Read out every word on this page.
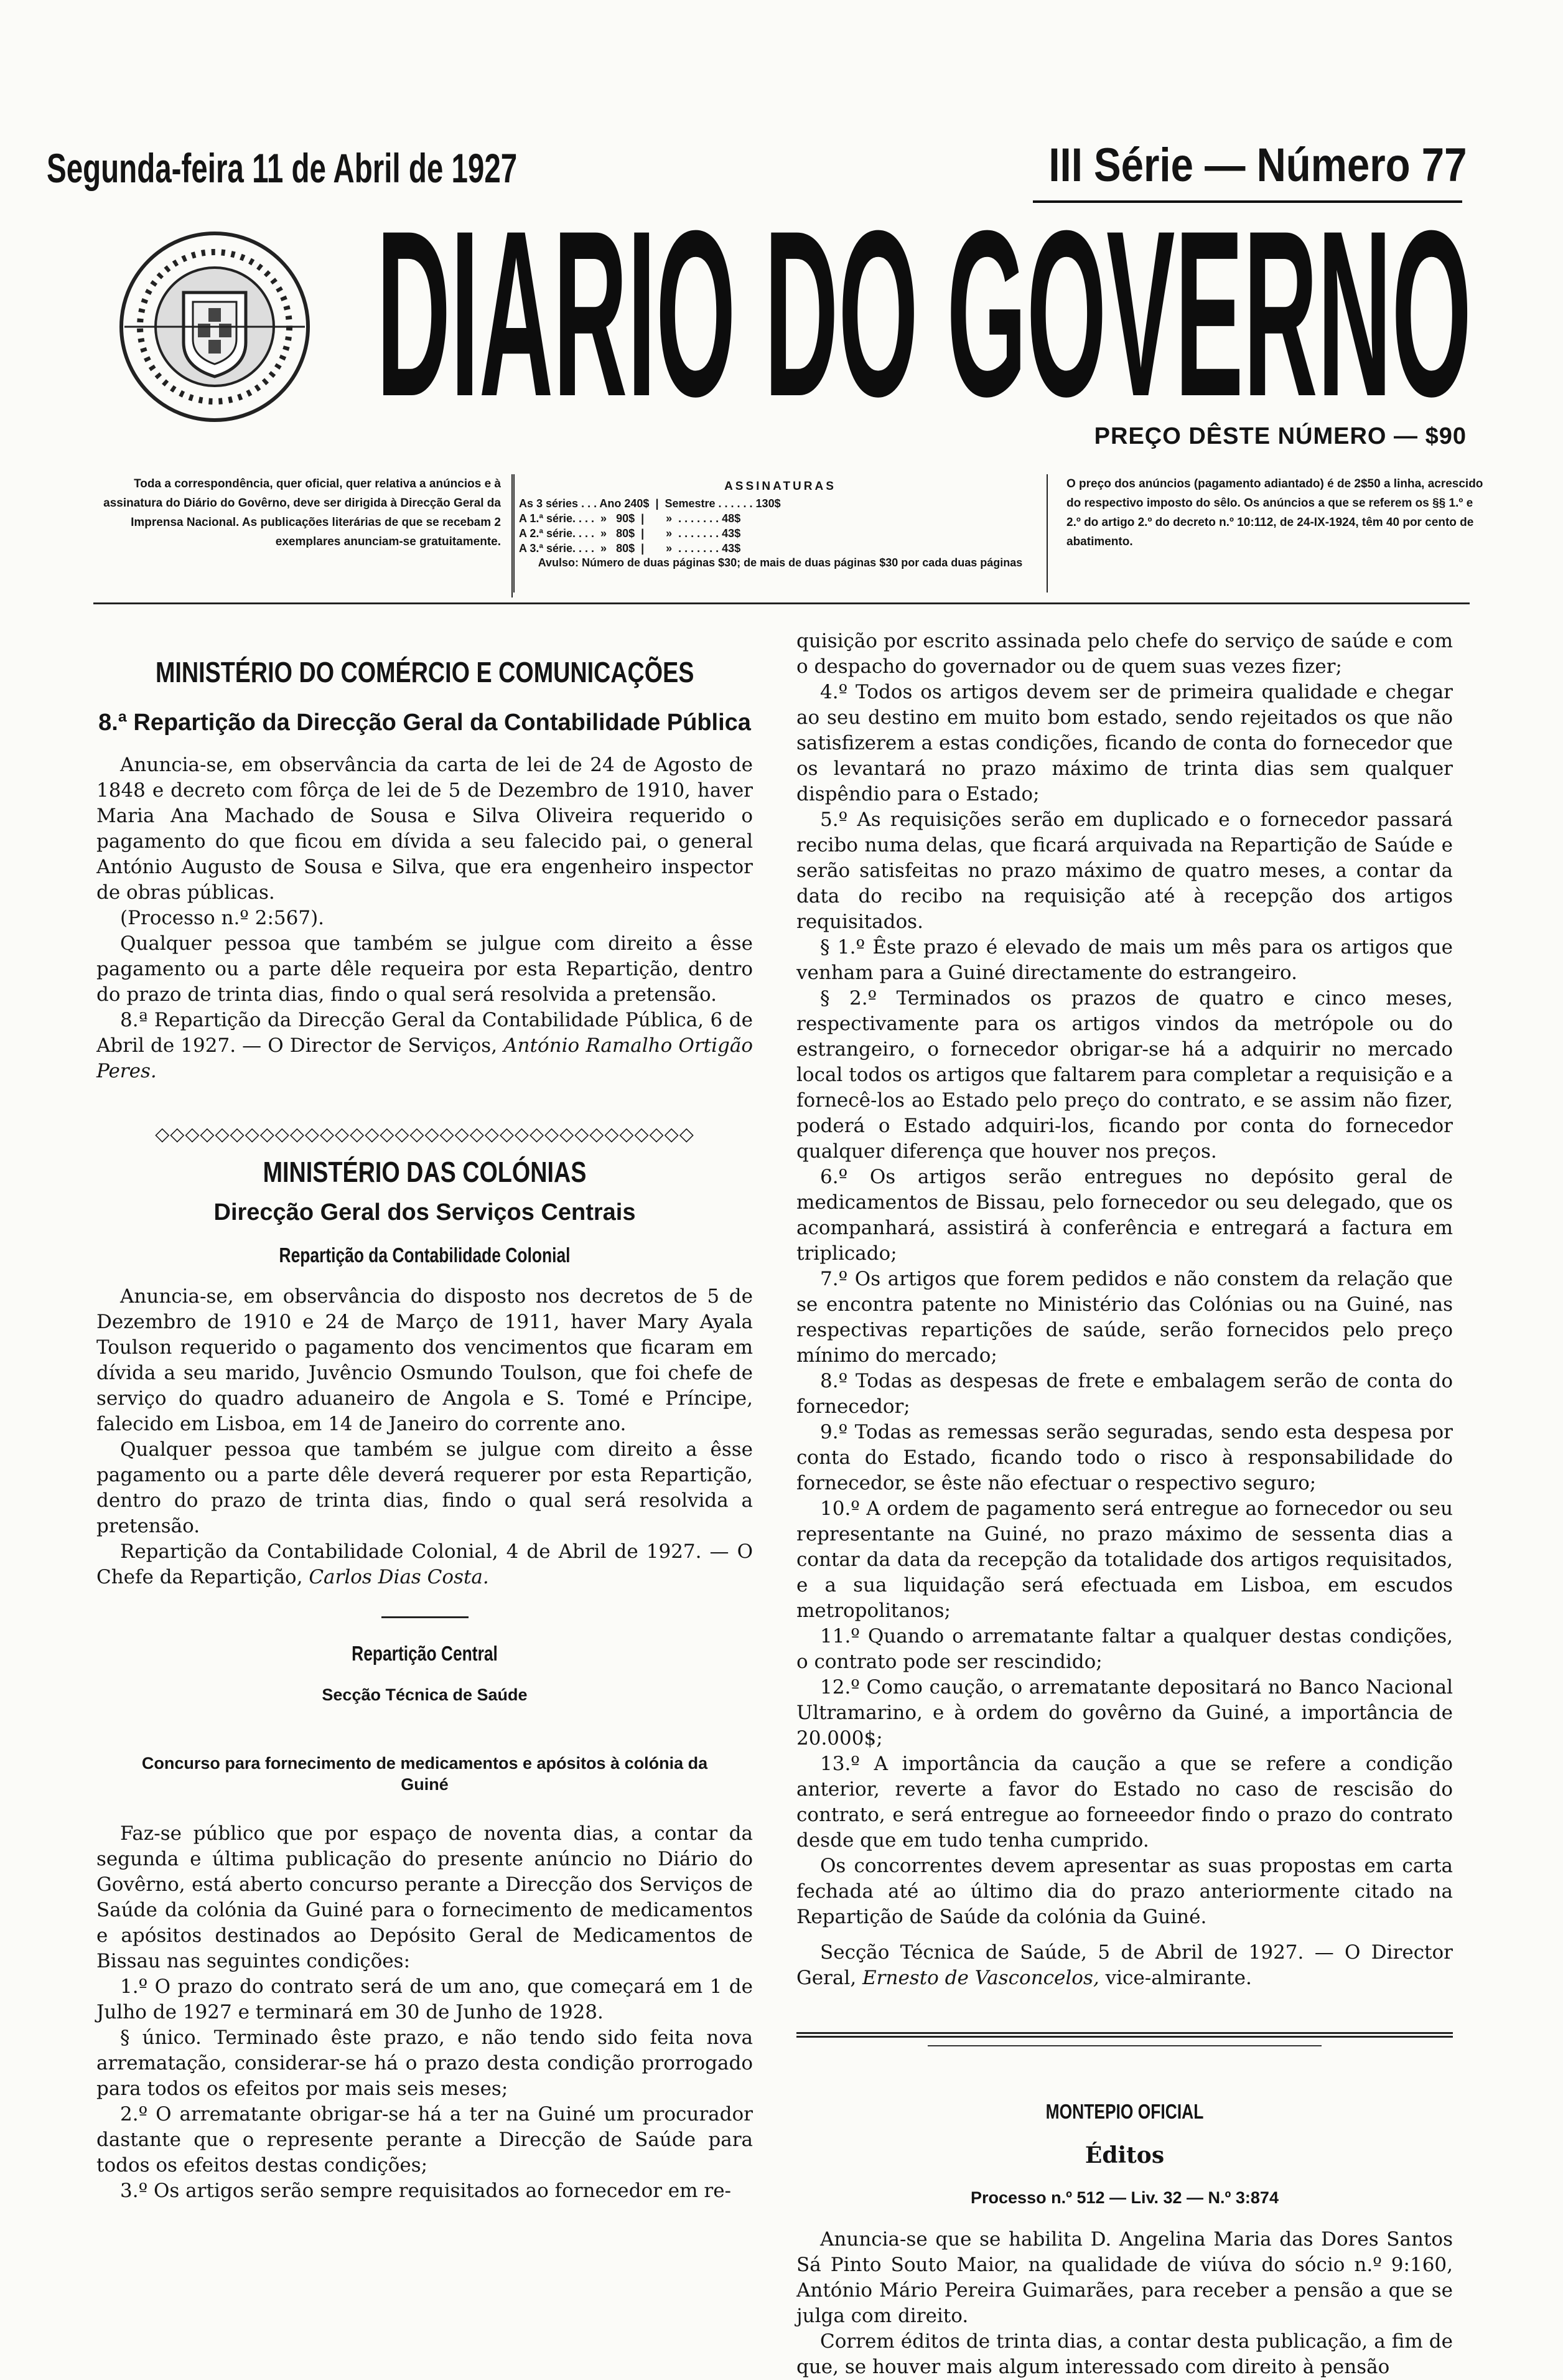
Segunda-feira 11 de Abril de 1927	III Série — Número 77
DIÁRIO DO GOVÊRNO
PREÇO DÊSTE NÚMERO — $90
Toda a correspondência, quer oficial, quer relativa a anúncios e à assinatura do Diário do Govêrno, deve ser dirigida à Direcção Geral da Imprensa Nacional. As publicações literárias de que se recebam 2 exemplares anunciam-se gratuitamente.
ASSINATURAS
As 3 séries . . . Ano 240$  |  Semestre . . . . . . 130$
A 1.ª série. . . .  »   90$  |       »  . . . . . . . 48$
A 2.ª série. . . .  »   80$  |       »  . . . . . . . 43$
A 3.ª série. . . .  »   80$  |       »  . . . . . . . 43$
Avulso: Número de duas páginas $30; de mais de duas páginas $30 por cada duas páginas
O preço dos anúncios (pagamento adiantado) é de 2$50 a linha, acrescido do respectivo imposto do sêlo. Os anúncios a que se referem os §§ 1.º e 2.º do artigo 2.º do decreto n.º 10:112, de 24-IX-1924, têm 40 por cento de abatimento.
MINISTÉRIO DO COMÉRCIO E COMUNICAÇÕES
8.ª Repartição da Direcção Geral da Contabilidade Pública

Anuncia-se, em observância da carta de lei de 24 de Agosto de 1848 e decreto com fôrça de lei de 5 de Dezembro de 1910, haver Maria Ana Machado de Sousa e Silva Oliveira requerido o pagamento do que ficou em dívida a seu falecido pai, o general António Augusto de Sousa e Silva, que era engenheiro inspector de obras públicas.

(Processo n.º 2:567).

Qualquer pessoa que também se julgue com direito a êsse pagamento ou a parte dêle requeira por esta Repartição, dentro do prazo de trinta dias, findo o qual será resolvida a pretensão.

8.ª Repartição da Direcção Geral da Contabilidade Pública, 6 de Abril de 1927. — O Director de Serviços, António Ramalho Ortigão Peres.

◇◇◇◇◇◇◇◇◇◇◇◇◇◇◇◇◇◇◇◇◇◇◇◇◇◇◇◇◇◇◇◇◇◇◇◇
MINISTÉRIO DAS COLÓNIAS
Direcção Geral dos Serviços Centrais
Repartição da Contabilidade Colonial

Anuncia-se, em observância do disposto nos decretos de 5 de Dezembro de 1910 e 24 de Março de 1911, haver Mary Ayala Toulson requerido o pagamento dos vencimentos que ficaram em dívida a seu marido, Juvêncio Osmundo Toulson, que foi chefe de serviço do quadro aduaneiro de Angola e S. Tomé e Príncipe, falecido em Lisboa, em 14 de Janeiro do corrente ano.

Qualquer pessoa que também se julgue com direito a êsse pagamento ou a parte dêle deverá requerer por esta Repartição, dentro do prazo de trinta dias, findo o qual será resolvida a pretensão.

Repartição da Contabilidade Colonial, 4 de Abril de 1927. — O Chefe da Repartição, Carlos Dias Costa.

Repartição Central
Secção Técnica de Saúde
Concurso para fornecimento de medicamentos e apósitos à colónia da Guiné

Faz-se público que por espaço de noventa dias, a contar da segunda e última publicação do presente anúncio no Diário do Govêrno, está aberto concurso perante a Direcção dos Serviços de Saúde da colónia da Guiné para o fornecimento de medicamentos e apósitos destinados ao Depósito Geral de Medicamentos de Bissau nas seguintes condições:

1.º O prazo do contrato será de um ano, que começará em 1 de Julho de 1927 e terminará em 30 de Junho de 1928.

§ único. Terminado êste prazo, e não tendo sido feita nova arrematação, considerar-se há o prazo desta condição prorrogado para todos os efeitos por mais seis meses;

2.º O arrematante obrigar-se há a ter na Guiné um procurador dastante que o represente perante a Direcção de Saúde para todos os efeitos destas condições;

3.º Os artigos serão sempre requisitados ao fornecedor em re-

quisição por escrito assinada pelo chefe do serviço de saúde e com o despacho do governador ou de quem suas vezes fizer;

4.º Todos os artigos devem ser de primeira qualidade e chegar ao seu destino em muito bom estado, sendo rejeitados os que não satisfizerem a estas condições, ficando de conta do fornecedor que os levantará no prazo máximo de trinta dias sem qualquer dispêndio para o Estado;

5.º As requisições serão em duplicado e o fornecedor passará recibo numa delas, que ficará arquivada na Repartição de Saúde e serão satisfeitas no prazo máximo de quatro meses, a contar da data do recibo na requisição até à recepção dos artigos requisitados.

§ 1.º Êste prazo é elevado de mais um mês para os artigos que venham para a Guiné directamente do estrangeiro.

§ 2.º Terminados os prazos de quatro e cinco meses, respectivamente para os artigos vindos da metrópole ou do estrangeiro, o fornecedor obrigar-se há a adquirir no mercado local todos os artigos que faltarem para completar a requisição e a fornecê-los ao Estado pelo preço do contrato, e se assim não fizer, poderá o Estado adquiri-los, ficando por conta do fornecedor qualquer diferença que houver nos preços.

6.º Os artigos serão entregues no depósito geral de medicamentos de Bissau, pelo fornecedor ou seu delegado, que os acompanhará, assistirá à conferência e entregará a factura em triplicado;

7.º Os artigos que forem pedidos e não constem da relação que se encontra patente no Ministério das Colónias ou na Guiné, nas respectivas repartições de saúde, serão fornecidos pelo preço mínimo do mercado;

8.º Todas as despesas de frete e embalagem serão de conta do fornecedor;

9.º Todas as remessas serão seguradas, sendo esta despesa por conta do Estado, ficando todo o risco à responsabilidade do fornecedor, se êste não efectuar o respectivo seguro;

10.º A ordem de pagamento será entregue ao fornecedor ou seu representante na Guiné, no prazo máximo de sessenta dias a contar da data da recepção da totalidade dos artigos requisitados, e a sua liquidação será efectuada em Lisboa, em escudos metropolitanos;

11.º Quando o arrematante faltar a qualquer destas condições, o contrato pode ser rescindido;

12.º Como caução, o arrematante depositará no Banco Nacional Ultramarino, e à ordem do govêrno da Guiné, a importância de 20.000$;

13.º A importância da caução a que se refere a condição anterior, reverte a favor do Estado no caso de rescisão do contrato, e será entregue ao forneeedor findo o prazo do contrato desde que em tudo tenha cumprido.

Os concorrentes devem apresentar as suas propostas em carta fechada até ao último dia do prazo anteriormente citado na Repartição de Saúde da colónia da Guiné.

Secção Técnica de Saúde, 5 de Abril de 1927. — O Director Geral, Ernesto de Vasconcelos, vice-almirante.

MONTEPIO OFICIAL
Éditos
Processo n.º 512 — Liv. 32 — N.º 3:874

Anuncia-se que se habilita D. Angelina Maria das Dores Santos Sá Pinto Souto Maior, na qualidade de viúva do sócio n.º 9:160, António Mário Pereira Guimarães, para receber a pensão a que se julga com direito.

Correm éditos de trinta dias, a contar desta publicação, a fim de que, se houver mais algum interessado com direito à pensão
